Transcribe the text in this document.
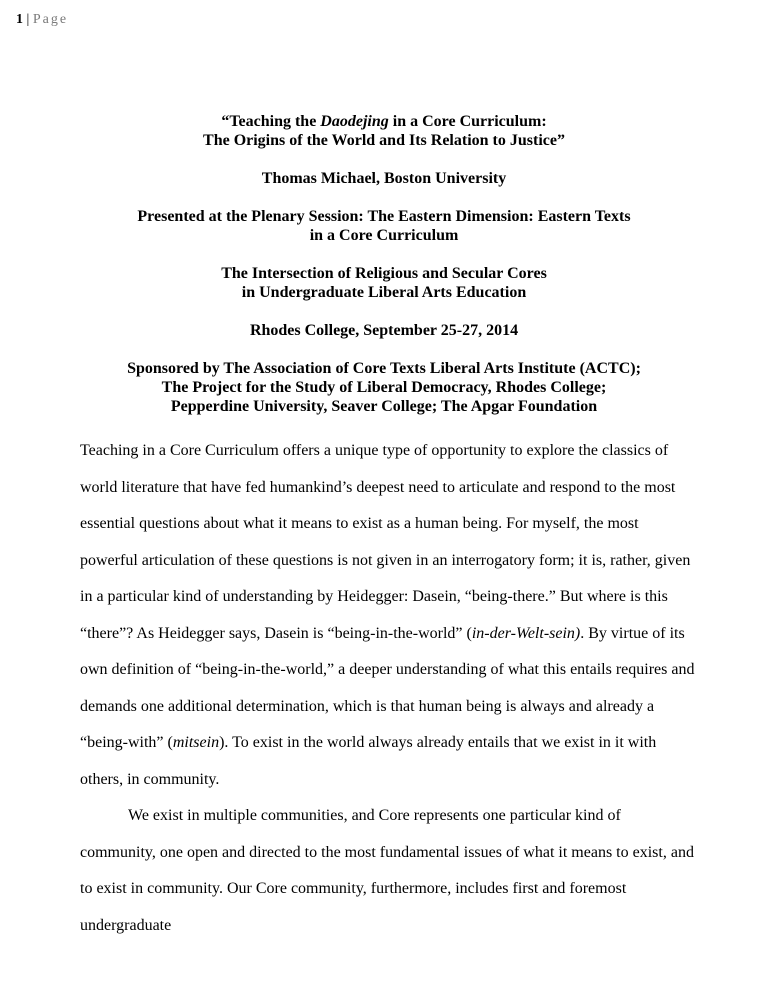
1 | Page

“Teaching the Daodejing in a Core Curriculum:
The Origins of the World and Its Relation to Justice”

Thomas Michael, Boston University

Presented at the Plenary Session: The Eastern Dimension: Eastern Texts
in a Core Curriculum

The Intersection of Religious and Secular Cores
in Undergraduate Liberal Arts Education

Rhodes College, September 25-27, 2014

Sponsored by The Association of Core Texts Liberal Arts Institute (ACTC);
The Project for the Study of Liberal Democracy, Rhodes College;
Pepperdine University, Seaver College; The Apgar Foundation

Teaching in a Core Curriculum offers a unique type of opportunity to explore the classics of world literature that have fed humankind’s deepest need to articulate and respond to the most essential questions about what it means to exist as a human being. For myself, the most powerful articulation of these questions is not given in an interrogatory form; it is, rather, given in a particular kind of understanding by Heidegger: Dasein, “being-there.” But where is this “there”? As Heidegger says, Dasein is “being-in-the-world” (in-der-Welt-sein). By virtue of its own definition of “being-in-the-world,” a deeper understanding of what this entails requires and demands one additional determination, which is that human being is always and already a “being-with” (mitsein). To exist in the world always already entails that we exist in it with others, in community.

We exist in multiple communities, and Core represents one particular kind of community, one open and directed to the most fundamental issues of what it means to exist, and to exist in community. Our Core community, furthermore, includes first and foremost undergraduate
